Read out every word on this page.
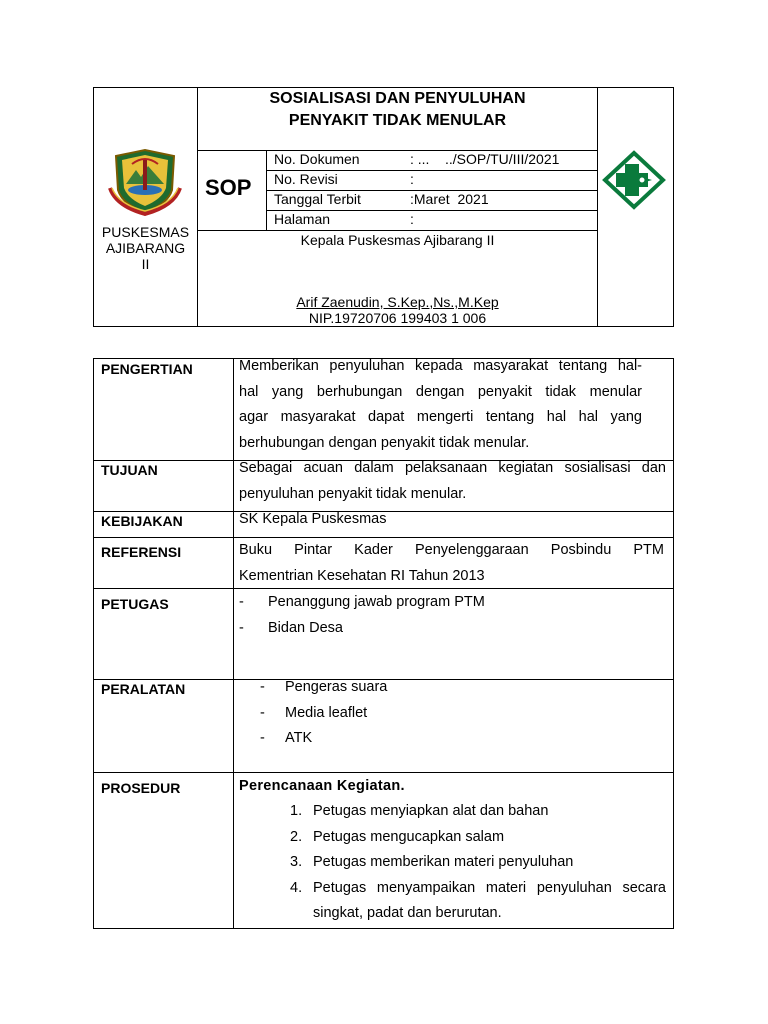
PUSKESMAS
AJIBARANG
II
SOSIALISASI DAN PENYULUHAN
PENYAKIT TIDAK MENULAR
SOP
No. Dokumen	: ...    ../SOP/TU/III/2021
No. Revisi	:
Tanggal Terbit	:Maret  2021
Halaman	:
Kepala Puskesmas Ajibarang II
Arif Zaenudin, S.Kep.,Ns.,M.Kep
NIP.19720706 199403 1 006
PENGERTIAN	Memberikan penyuluhan kepada masyarakat tentang hal-
hal yang berhubungan dengan penyakit tidak menular
agar masyarakat dapat mengerti tentang hal hal yang
berhubungan dengan penyakit tidak menular.
TUJUAN	Sebagai acuan dalam pelaksanaan kegiatan sosialisasi dan
penyuluhan penyakit tidak menular.
KEBIJAKAN	SK Kepala Puskesmas
REFERENSI	Buku Pintar Kader Penyelenggaraan Posbindu PTM
Kementrian Kesehatan RI Tahun 2013
PETUGAS	- Penanggung jawab program PTM
- Bidan Desa
PERALATAN	- Pengeras suara
- Media leaflet
- ATK
PROSEDUR	Perencanaan Kegiatan.
1. Petugas menyiapkan alat dan bahan
2. Petugas mengucapkan salam
3. Petugas memberikan materi penyuluhan
4. Petugas menyampaikan materi penyuluhan secara
singkat, padat dan berurutan.
